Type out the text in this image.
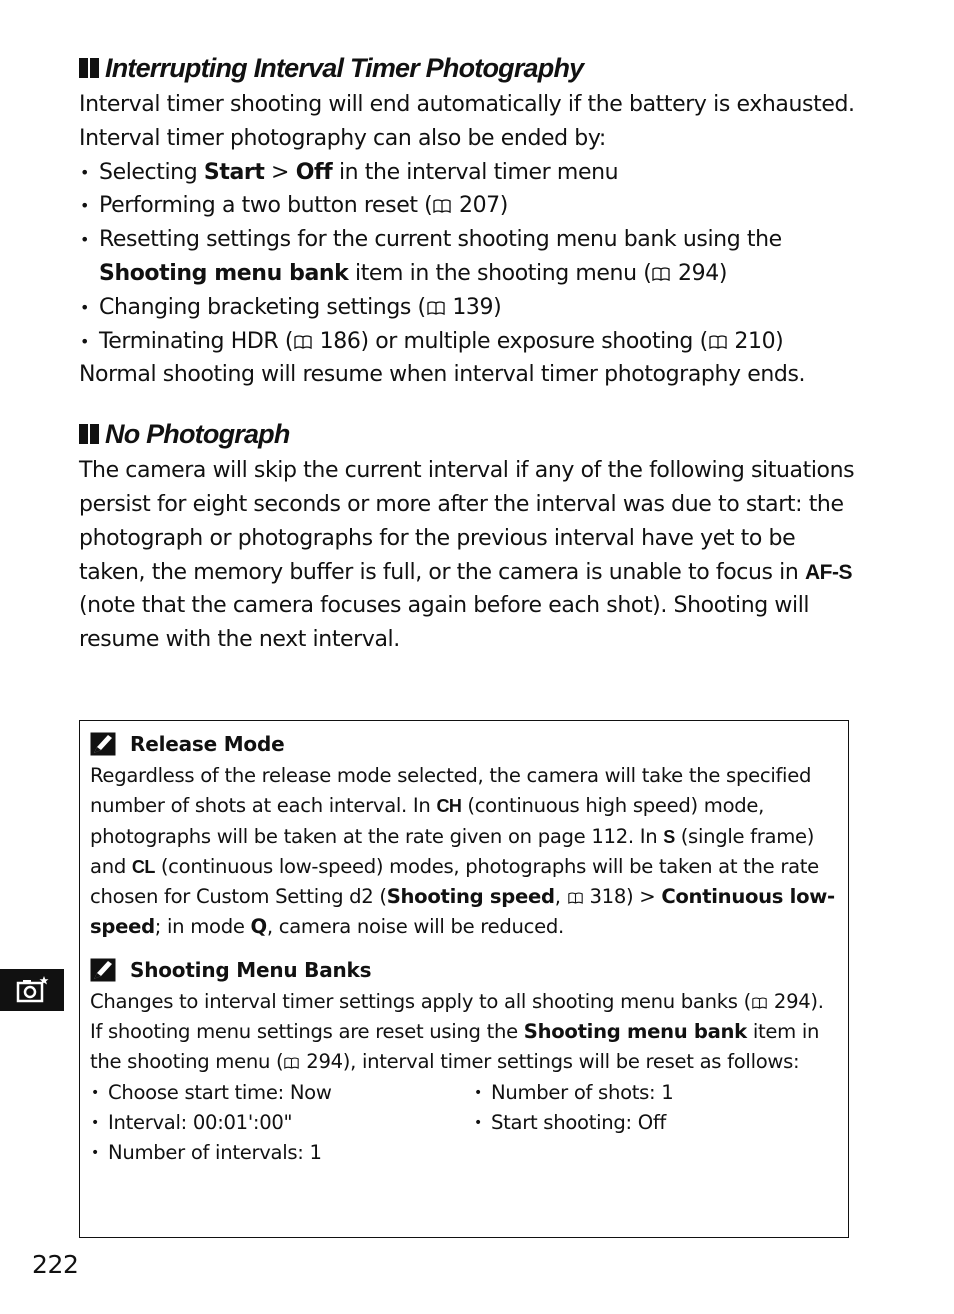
Interrupting Interval Timer Photography

Interval timer shooting will end automatically if the battery is exhausted. Interval timer photography can also be ended by:

• Selecting Start > Off in the interval timer menu
• Performing a two button reset ( 207)
• Resetting settings for the current shooting menu bank using the Shooting menu bank item in the shooting menu ( 294)
• Changing bracketing settings ( 139)
• Terminating HDR ( 186) or multiple exposure shooting ( 210)

Normal shooting will resume when interval timer photography ends.

No Photograph

The camera will skip the current interval if any of the following situations persist for eight seconds or more after the interval was due to start: the photograph or photographs for the previous interval have yet to be taken, the memory buffer is full, or the camera is unable to focus in AF-S (note that the camera focuses again before each shot). Shooting will resume with the next interval.

Release Mode

Regardless of the release mode selected, the camera will take the specified number of shots at each interval. In CH (continuous high speed) mode, photographs will be taken at the rate given on page 112. In S (single frame) and CL (continuous low-speed) modes, photographs will be taken at the rate chosen for Custom Setting d2 (Shooting speed,  318) > Continuous low-speed; in mode Q, camera noise will be reduced.

Shooting Menu Banks

Changes to interval timer settings apply to all shooting menu banks ( 294). If shooting menu settings are reset using the Shooting menu bank item in the shooting menu ( 294), interval timer settings will be reset as follows:

• Choose start time: Now
• Interval: 00:01':00"
• Number of intervals: 1
• Number of shots: 1
• Start shooting: Off
222
